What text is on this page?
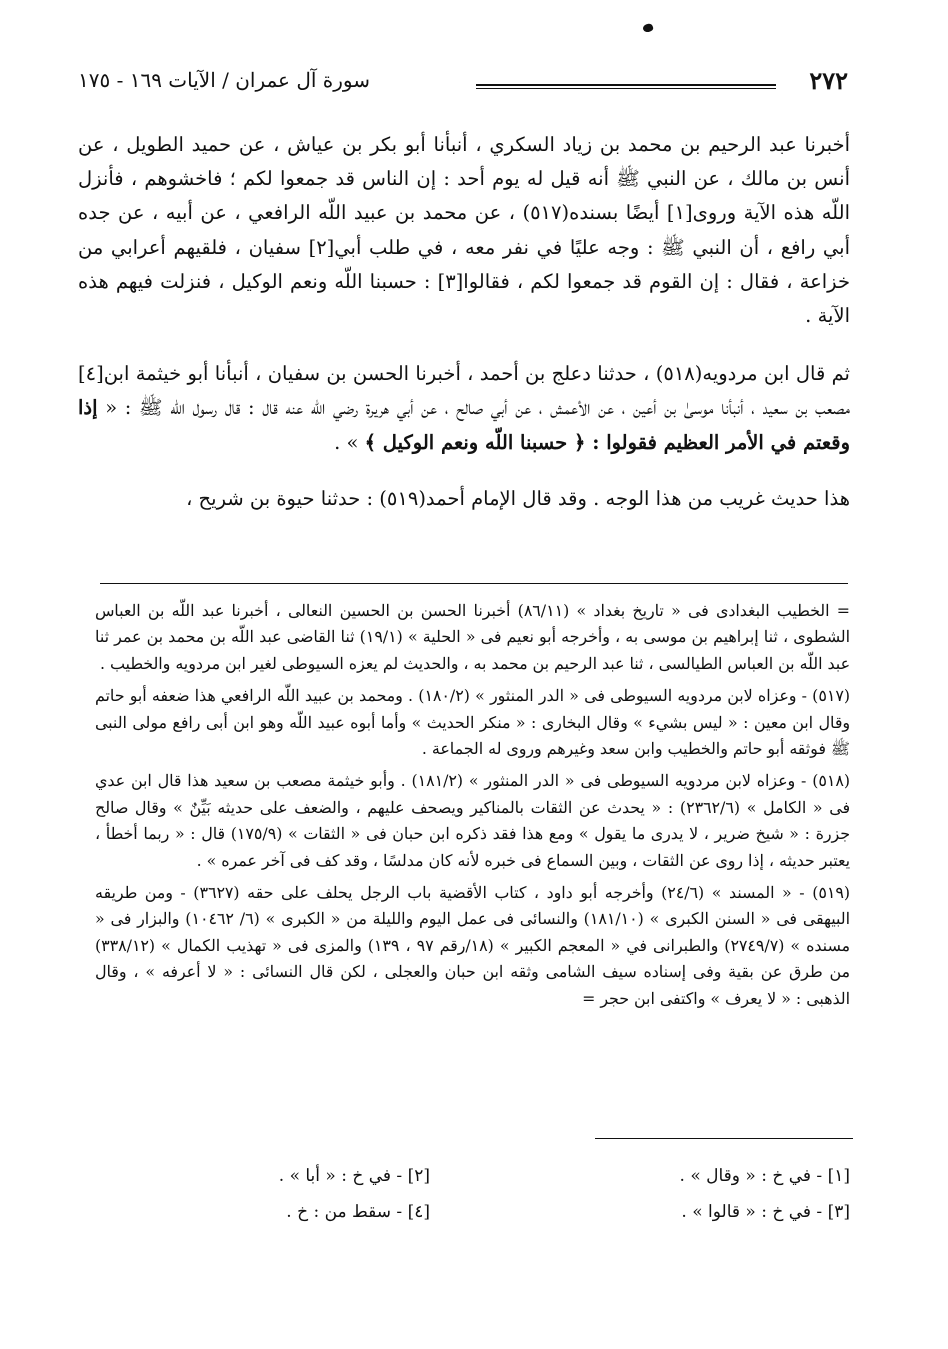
٢٧٢
سورة آل عمران / الآيات ١٦٩ - ١٧٥

أخبرنا عبد الرحيم بن محمد بن زياد السكري ، أنبأنا أبو بكر بن عياش ، عن حميد الطويل ، عن أنس بن مالك ، عن النبي ﷺ أنه قيل له يوم أحد : إن الناس قد جمعوا لكم ؛ فاخشوهم ، فأنزل اللّه هذه الآية وروى[١] أيضًا بسنده(٥١٧) ، عن محمد بن عبيد اللّه الرافعي ، عن أبيه ، عن جده أبي رافع ، أن النبي ﷺ : وجه عليًا في نفر معه ، في طلب أبي[٢] سفيان ، فلقيهم أعرابي من خزاعة ، فقال : إن القوم قد جمعوا لكم ، فقالوا[٣] : حسبنا اللّه ونعم الوكيل ، فنزلت فيهم هذه الآية .

ثم قال ابن مردويه(٥١٨) ، حدثنا دعلج بن أحمد ، أخبرنا الحسن بن سفيان ، أنبأنا أبو خيثمة ابن[٤] مصعب بن سعيد ، أنبأنا موسىٰ بن أعين ، عن الأعمش ، عن أبي صالح ، عن أبي هريرة رضي اللّه عنه قال : قال رسول اللّه ﷺ : « إذا وقعتم في الأمر العظيم فقولوا : ﴿ حسبنا اللّه ونعم الوكيل ﴾ » .

هذا حديث غريب من هذا الوجه . وقد قال الإمام أحمد(٥١٩) : حدثنا حيوة بن شريح ،

= الخطيب البغدادى فى « تاريخ بغداد » (٨٦/١١) أخبرنا الحسن بن الحسين النعالى ، أخبرنا عبد اللّه بن العباس الشطوى ، ثنا إبراهيم بن موسى به ، وأخرجه أبو نعيم فى « الحلية » (١٩/١) ثنا القاضى عبد اللّه بن محمد بن عمر ثنا عبد اللّه بن العباس الطيالسى ، ثنا عبد الرحيم بن محمد به ، والحديث لم يعزه السيوطى لغير ابن مردويه والخطيب .

(٥١٧) - وعزاه لابن مردويه السيوطى فى « الدر المنثور » (١٨٠/٢) . ومحمد بن عبيد اللّه الرافعي هذا ضعفه أبو حاتم وقال ابن معين : « ليس بشيء » وقال البخارى : « منكر الحديث » وأما أبوه عبيد اللّه وهو ابن أبى رافع مولى النبى ﷺ فوثقه أبو حاتم والخطيب وابن سعد وغيرهم وروى له الجماعة .

(٥١٨) - وعزاه لابن مردويه السيوطى فى « الدر المنثور » (١٨١/٢) . وأبو خيثمة مصعب بن سعيد هذا قال ابن عدي فى « الكامل » (٢٣٦٢/٦) : « يحدث عن الثقات بالمناكير ويصحف عليهم ، والضعف على حديثه بَيِّنٌ » وقال صالح جزرة : « شيخ ضرير ، لا يدرى ما يقول » ومع هذا فقد ذكره ابن حبان فى « الثقات » (١٧٥/٩) قال : « ربما أخطأ ، يعتبر حديثه ، إذا روى عن الثقات ، وبين السماع فى خبره لأنه كان مدلسًا ، وقد كف فى آخر عمره » .

(٥١٩) - « المسند » (٢٤/٦) وأخرجه أبو داود ، كتاب الأقضية باب الرجل يحلف على حقه (٣٦٢٧) - ومن طريقه البيهقى فى « السنن الكبرى » (١٨١/١٠) والنسائى فى عمل اليوم والليلة من « الكبرى » (٦/ ١٠٤٦٢) والبزار فى « مسنده » (٢٧٤٩/٧) والطبرانى في « المعجم الكبير » (١٨/رقم ٩٧ ، ١٣٩) والمزى فى « تهذيب الكمال » (٣٣٨/١٢) من طرق عن بقية وفى إسناده سيف الشامى وثقه ابن حبان والعجلى ، لكن قال النسائى : « لا أعرفه » ، وقال الذهبى : « لا يعرف » واكتفى ابن حجر =

[١] - في خ : « وقال » .
[٢] - في خ : « أبا » .
[٣] - في خ : « قالوا » .
[٤] - سقط من : خ .
